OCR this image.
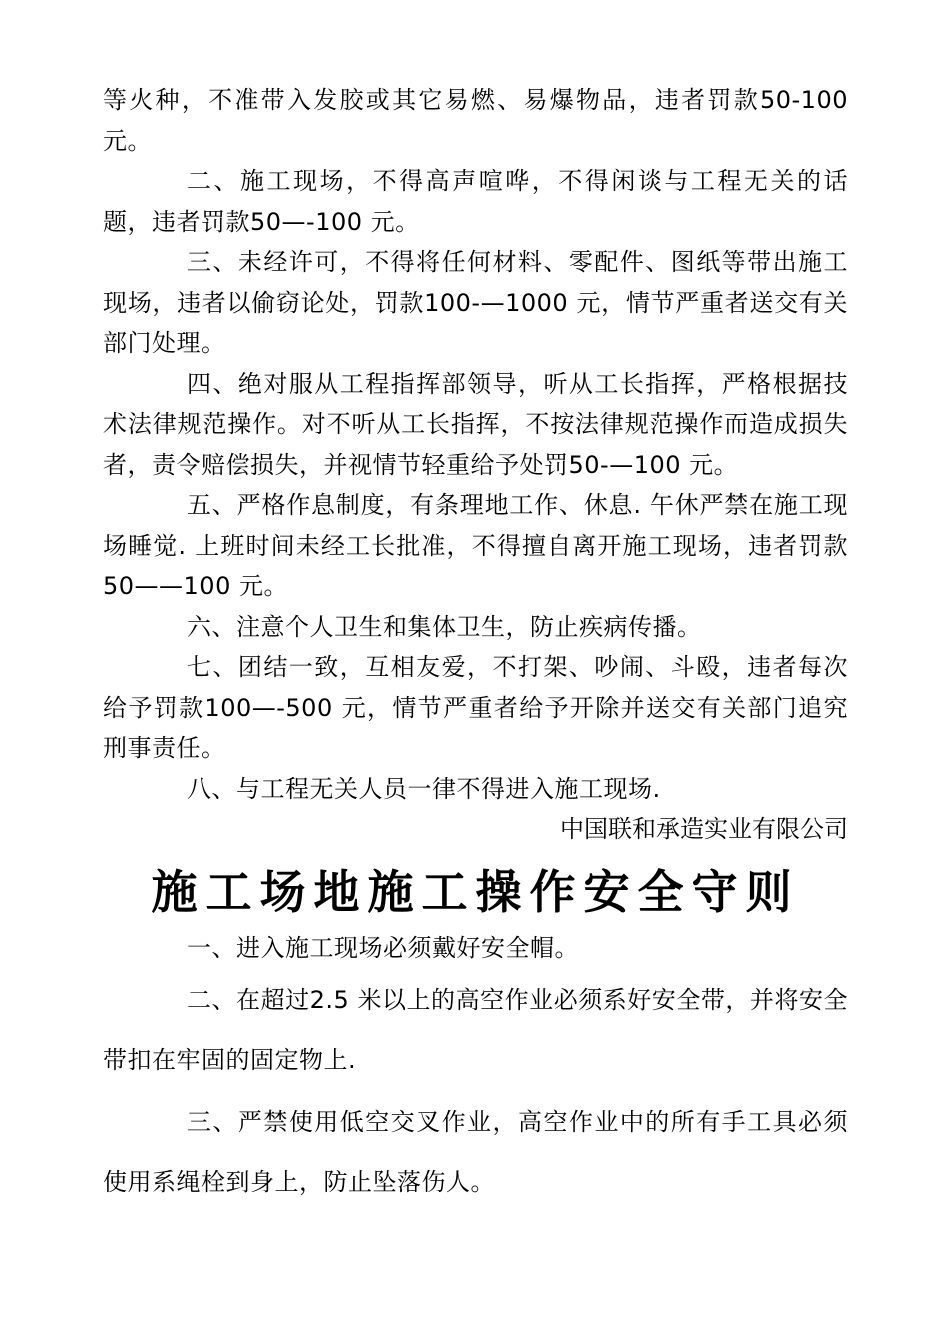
等火种，不准带入发胶或其它易燃、易爆物品，违者罚款50-100 元。

二、施工现场，不得高声喧哗，不得闲谈与工程无关的话题，违者罚款50—-100 元。

三、未经许可，不得将任何材料、零配件、图纸等带出施工现场，违者以偷窃论处，罚款100-—1000 元，情节严重者送交有关部门处理。

四、绝对服从工程指挥部领导，听从工长指挥，严格根据技术法律规范操作。对不听从工长指挥，不按法律规范操作而造成损失者，责令赔偿损失，并视情节轻重给予处罚50-—100 元。

五、严格作息制度，有条理地工作、休息. 午休严禁在施工现场睡觉. 上班时间未经工长批准，不得擅自离开施工现场，违者罚款50——100 元。

六、注意个人卫生和集体卫生，防止疾病传播。

七、团结一致，互相友爱，不打架、吵闹、斗殴，违者每次给予罚款100—-500 元，情节严重者给予开除并送交有关部门追究刑事责任。

八、与工程无关人员一律不得进入施工现场.

中国联和承造实业有限公司

施工场地施工操作安全守则

一、进入施工现场必须戴好安全帽。

二、在超过2.5 米以上的高空作业必须系好安全带，并将安全带扣在牢固的固定物上.

三、严禁使用低空交叉作业，高空作业中的所有手工具必须使用系绳栓到身上，防止坠落伤人。
